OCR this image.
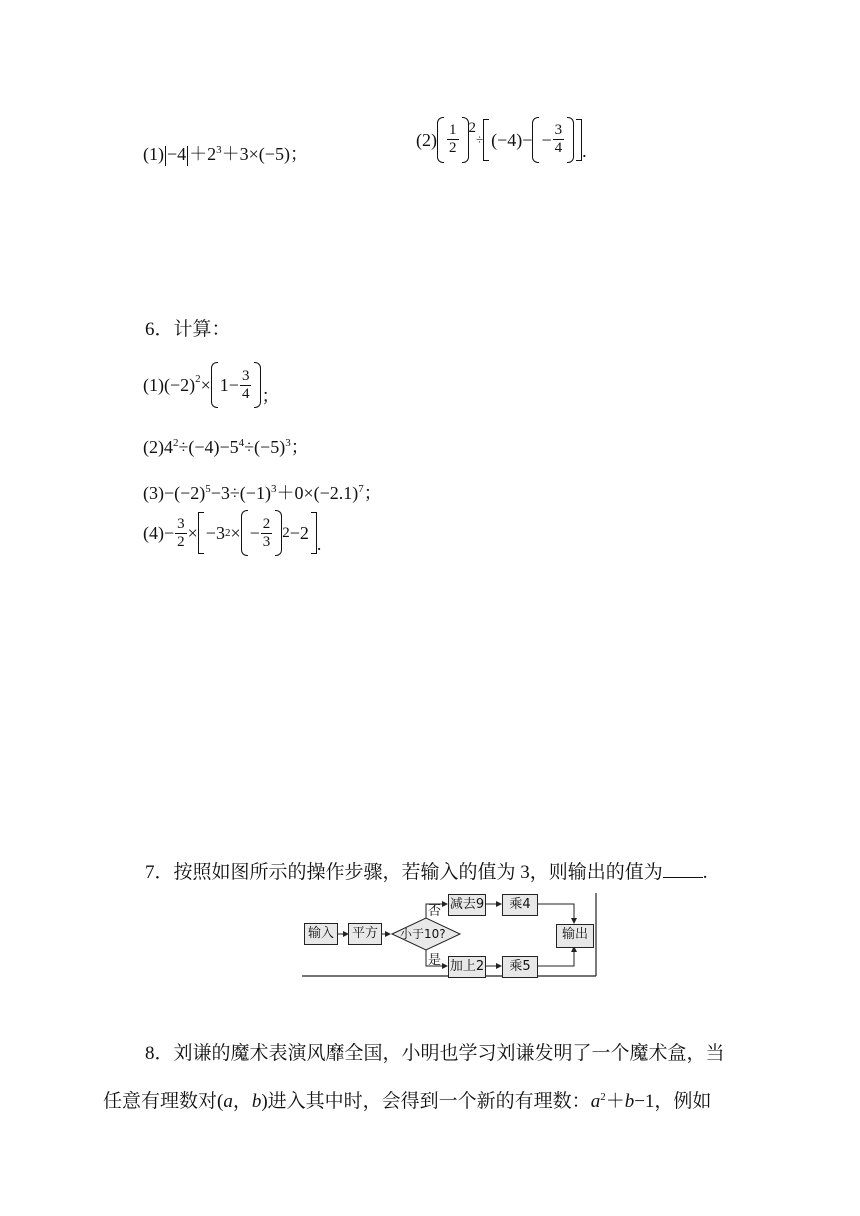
$(1) -4 +2^3+3\times(-5)$；
$(2) \frac{1}{2} ^2\div (-4)- - \frac{3}{4}$ .
6．计算：
$(1)(-2)^2\times 1- \frac{3}{4}$ ；
$(2)4^2\div(-4)-5^4\div(-5)^3$；
$(3)-(-2)^5-3\div(-1)^3+0\times(-2.1)^7$；
$(4)- \frac{3}{2} \times -3$ 2 × − $\frac{2}{3} 2 -2$
.
7．按照如图所示的操作步骤，若输入的值为 3，则输出的值为 .
输入	平方	小于10?
否
是
减去9	乘4
加上2	乘5
输出
8．刘谦的魔术表演风靡全国，小明也学习刘谦发明了一个魔术盒，当
任意有理数对(a，b)进入其中时，会得到一个新的有理数：$a^2+b-1$，例如
